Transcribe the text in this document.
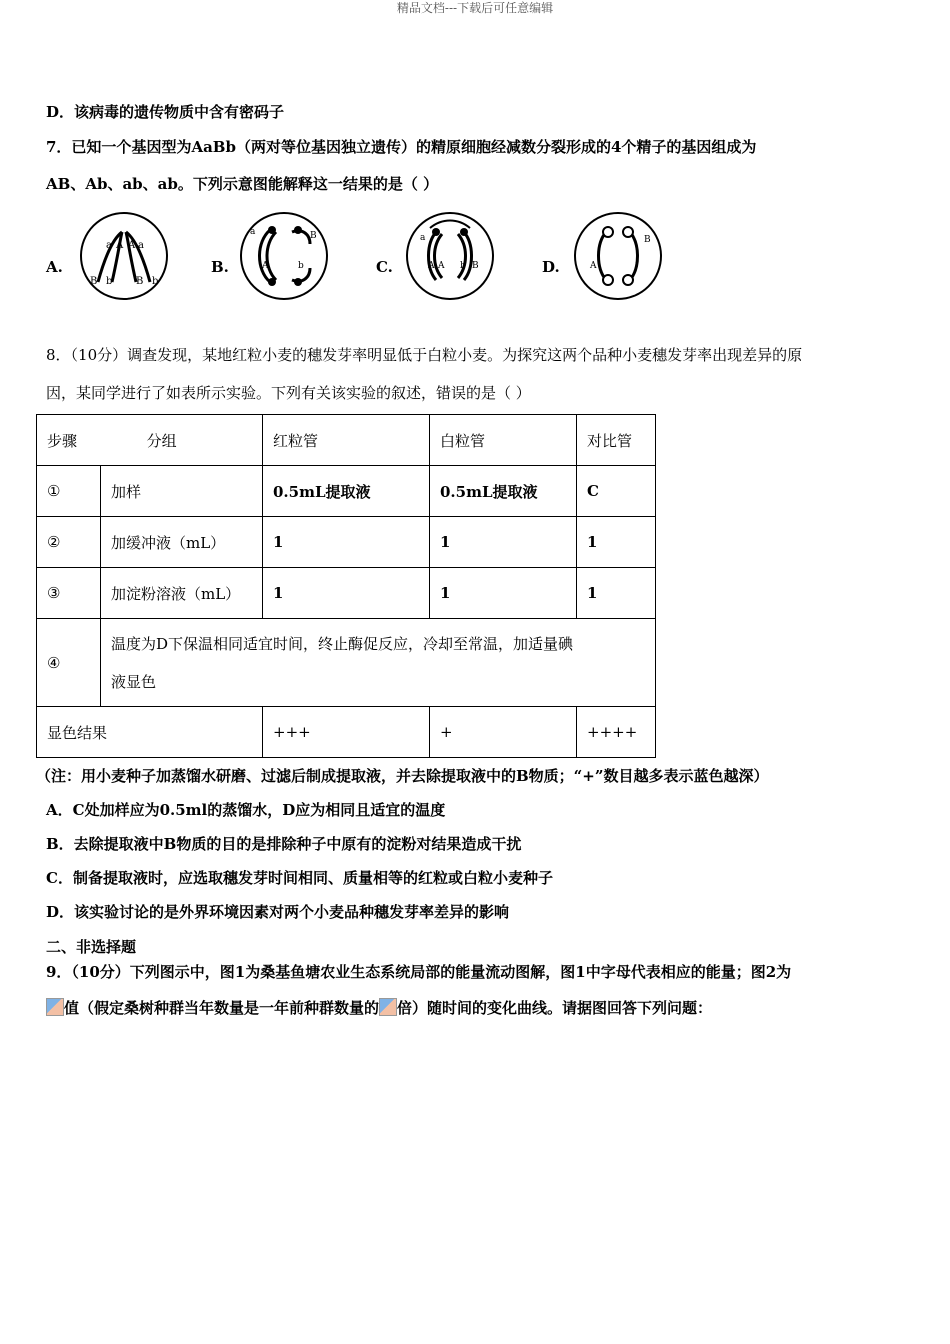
精品文档---下载后可任意编辑
D．该病毒的遗传物质中含有密码子
7．已知一个基因型为AaBb（两对等位基因独立遗传）的精原细胞经减数分裂形成的4个精子的基因组成为
AB、Ab、ab、ab。下列示意图能解释这一结果的是（ ）
A.
a A A a
B b B b
B.
a
A
B
b	C.
a
A A b B	D.	A
B
8．（10分）调查发现，某地红粒小麦的穗发芽率明显低于白粒小麦。为探究这两个品种小麦穗发芽率出现差异的原
因，某同学进行了如表所示实验。下列有关该实验的叙述，错误的是（ ）
步骤 分组		红粒管	白粒管	对比管
①	加样	0.5mL提取液	0.5mL提取液	C
②	加缓冲液（mL）	1	1	1
③	加淀粉溶液（mL）	1	1	1
④	温度为D下保温相同适宜时间，终止酶促反应，冷却至常温，加适量碘
液显色			

显色结果		+++	+	++++
（注：用小麦种子加蒸馏水研磨、过滤后制成提取液，并去除提取液中的B物质；“+”数目越多表示蓝色越深）
A．C处加样应为0.5ml的蒸馏水，D应为相同且适宜的温度
B．去除提取液中B物质的目的是排除种子中原有的淀粉对结果造成干扰
C．制备提取液时，应选取穗发芽时间相同、质量相等的红粒或白粒小麦种子
D．该实验讨论的是外界环境因素对两个小麦品种穗发芽率差异的影响
二、非选择题
9．（10分）下列图示中，图1为桑基鱼塘农业生态系统局部的能量流动图解，图1中字母代表相应的能量；图2为
值（假定桑树种群当年数量是一年前种群数量的 倍）随时间的变化曲线。请据图回答下列问题：
